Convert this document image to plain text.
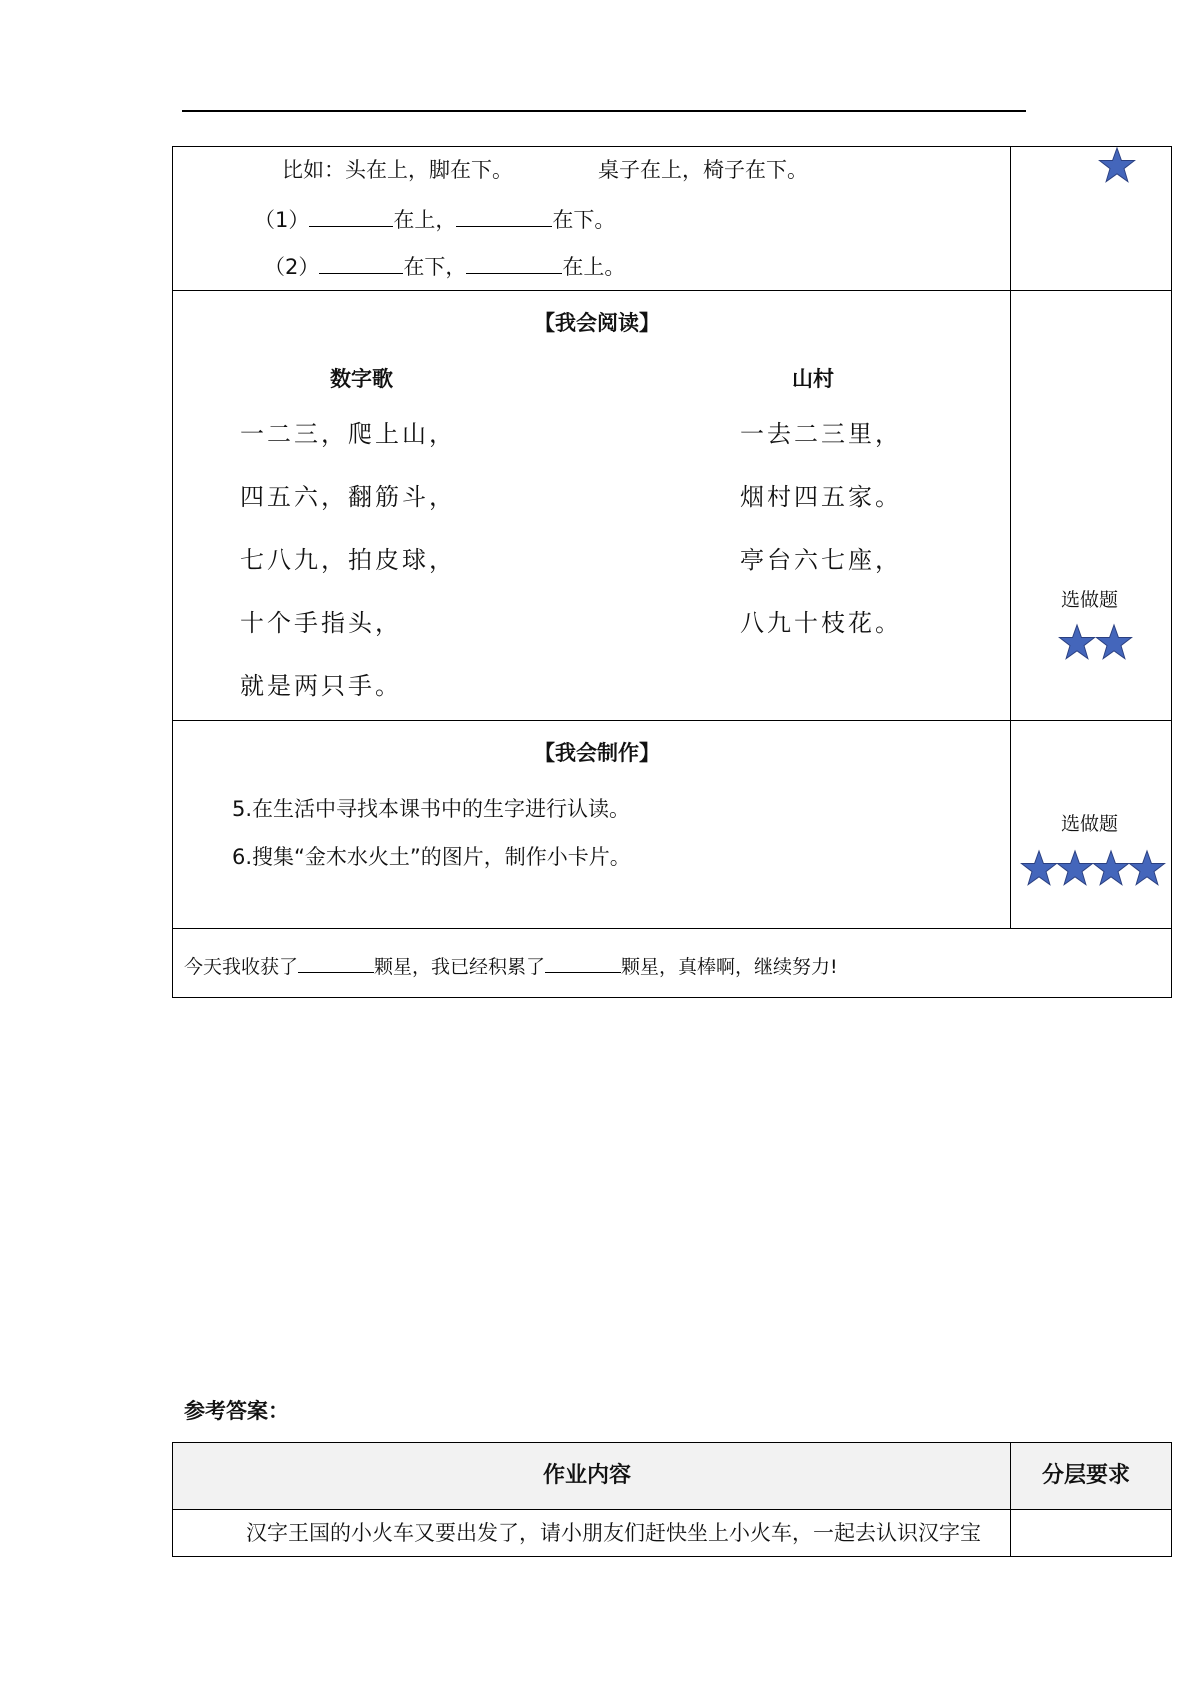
比如：头在上，脚在下。	桌子在上，椅子在下。
（1）	在上，	在下。
（2）	在下，	在上。
【我会阅读】
数字歌	山村
一二三，爬上山，
四五六，翻筋斗，
七八九，拍皮球，
十个手指头，
就是两只手。
一去二三里，
烟村四五家。
亭台六七座，
八九十枝花。
选做题
【我会制作】
5.在生活中寻找本课书中的生字进行认读。
6.搜集“金木水火土”的图片，制作小卡片。
选做题
今天我收获了	颗星，我已经积累了	颗星，真棒啊，继续努力!
参考答案：
作业内容	分层要求
汉字王国的小火车又要出发了，请小朋友们赶快坐上小火车，一起去认识汉字宝
